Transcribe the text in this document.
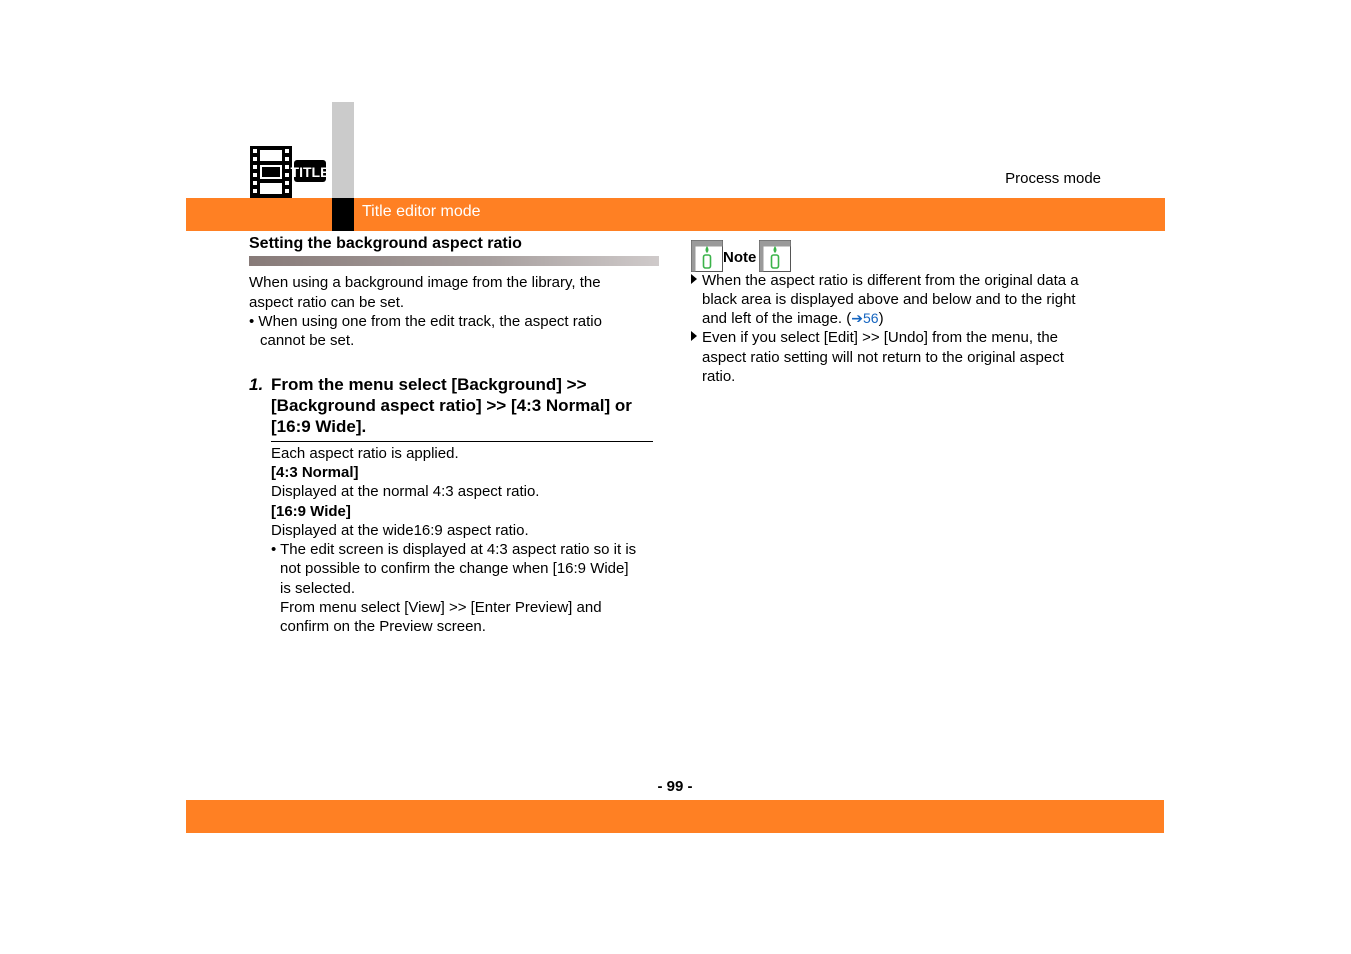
TITLE	Process mode
Title editor mode
Setting the background aspect ratio
When using a background image from the library, the
aspect ratio can be set.
• When using one from the edit track, the aspect ratio
cannot be set.
1. From the menu select [Background] >>
[Background aspect ratio] >> [4:3 Normal] or
[16:9 Wide].
Each aspect ratio is applied.
[4:3 Normal]
Displayed at the normal 4:3 aspect ratio.
[16:9 Wide]
Displayed at the wide16:9 aspect ratio.
• The edit screen is displayed at 4:3 aspect ratio so it is
not possible to confirm the change when [16:9 Wide]
is selected.
From menu select [View] >> [Enter Preview] and
confirm on the Preview screen.
Note
When the aspect ratio is different from the original data a
black area is displayed above and below and to the right
and left of the image. (➔56)
Even if you select [Edit] >> [Undo] from the menu, the
aspect ratio setting will not return to the original aspect
ratio.
- 99 -
